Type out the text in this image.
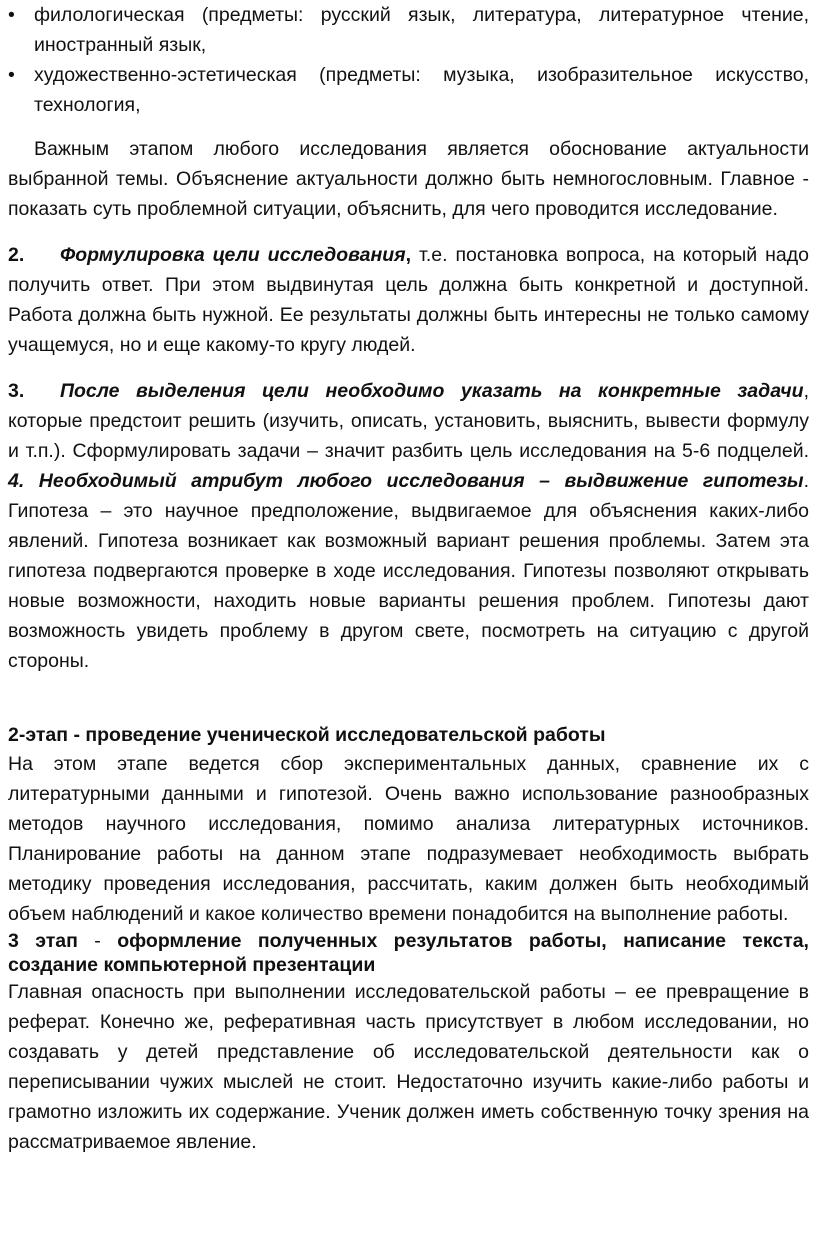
• филологическая (предметы: русский язык, литература, литературное чтение, иностранный язык,
• художественно-эстетическая (предметы: музыка, изобразительное искусство, технология,

Важным этапом любого исследования является обоснование актуальности выбранной темы. Объяснение актуальности должно быть немногословным. Главное - показать суть проблемной ситуации, объяснить, для чего проводится исследование.

2. Формулировка цели исследования, т.е. постановка вопроса, на который надо получить ответ. При этом выдвинутая цель должна быть конкретной и доступной. Работа должна быть нужной. Ее результаты должны быть интересны не только самому учащемуся, но и еще какому-то кругу людей.

3. После выделения цели необходимо указать на конкретные задачи, которые предстоит решить (изучить, описать, установить, выяснить, вывести формулу и т.п.). Сформулировать задачи – значит разбить цель исследования на 5-6 подцелей. 4. Необходимый атрибут любого исследования – выдвижение гипотезы. Гипотеза – это научное предположение, выдвигаемое для объяснения каких-либо явлений. Гипотеза возникает как возможный вариант решения проблемы. Затем эта гипотеза подвергаются проверке в ходе исследования. Гипотезы позволяют открывать новые возможности, находить новые варианты решения проблем. Гипотезы дают возможность увидеть проблему в другом свете, посмотреть на ситуацию с другой стороны.

2-этап - проведение ученической исследовательской работы

На этом этапе ведется сбор экспериментальных данных, сравнение их с литературными данными и гипотезой. Очень важно использование разнообразных методов научного исследования, помимо анализа литературных источников. Планирование работы на данном этапе подразумевает необходимость выбрать методику проведения исследования, рассчитать, каким должен быть необходимый объем наблюдений и какое количество времени понадобится на выполнение работы.

3 этап - оформление полученных результатов работы, написание текста, создание компьютерной презентации

Главная опасность при выполнении исследовательской работы – ее превращение в реферат. Конечно же, реферативная часть присутствует в любом исследовании, но создавать у детей представление об исследовательской деятельности как о переписывании чужих мыслей не стоит. Недостаточно изучить какие-либо работы и грамотно изложить их содержание. Ученик должен иметь собственную точку зрения на рассматриваемое явление.
